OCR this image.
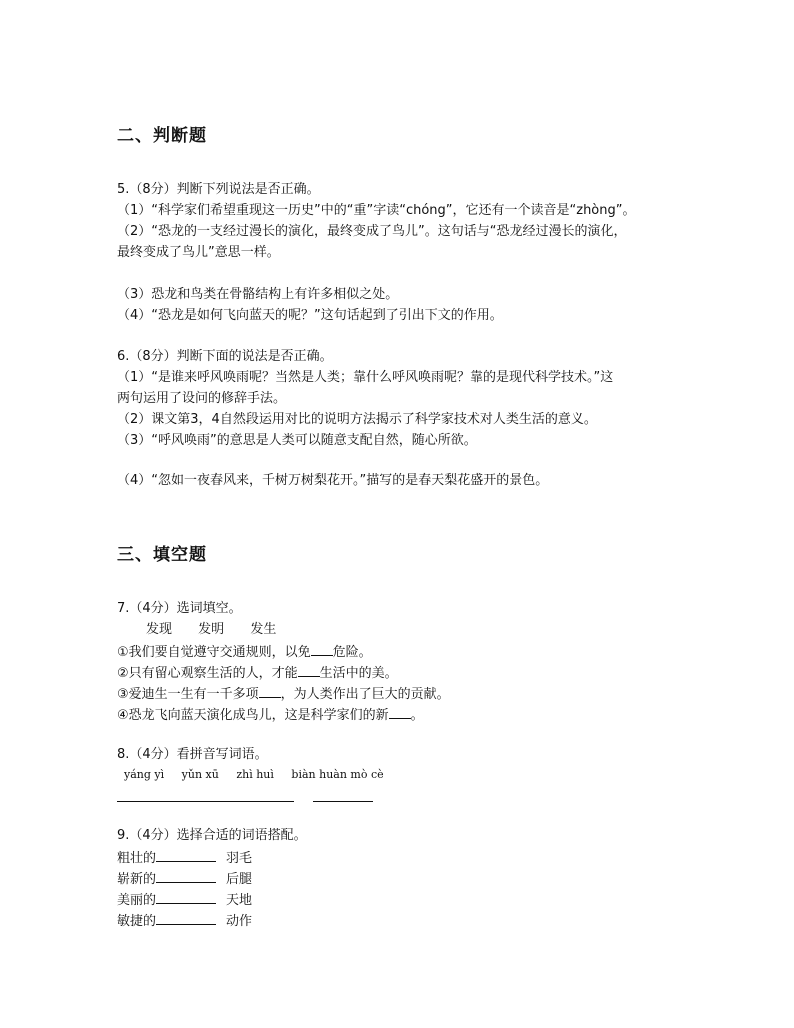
二、判断题
5.（8分）判断下列说法是否正确。
（1）“科学家们希望重现这一历史”中的“重”字读“chóng”，它还有一个读音是“zhòng”。
（2）“恐龙的一支经过漫长的演化，最终变成了鸟儿”。这句话与“恐龙经过漫长的演化，
最终变成了鸟儿”意思一样。
（3）恐龙和鸟类在骨骼结构上有许多相似之处。
（4）“恐龙是如何飞向蓝天的呢？”这句话起到了引出下文的作用。
6.（8分）判断下面的说法是否正确。
（1）“是谁来呼风唤雨呢？当然是人类；靠什么呼风唤雨呢？靠的是现代科学技术。”这
两句运用了设问的修辞手法。
（2）课文第3，4自然段运用对比的说明方法揭示了科学家技术对人类生活的意义。
（3）“呼风唤雨”的意思是人类可以随意支配自然，随心所欲。
（4）“忽如一夜春风来，千树万树梨花开。”描写的是春天梨花盛开的景色。
三、填空题
7.（4分）选词填空。
发现 发明 发生
①我们要自觉遵守交通规则，以免 危险。
②只有留心观察生活的人，才能 生活中的美。
③爱迪生一生有一千多项 ，为人类作出了巨大的贡献。
④恐龙飞向蓝天演化成鸟儿，这是科学家们的新 。
8.（4分）看拼音写词语。
yáng yì yǔn xū zhì huì biàn huàn mò cè
9.（4分）选择合适的词语搭配。
粗壮的	羽毛
崭新的	后腿
美丽的	天地
敏捷的	动作
